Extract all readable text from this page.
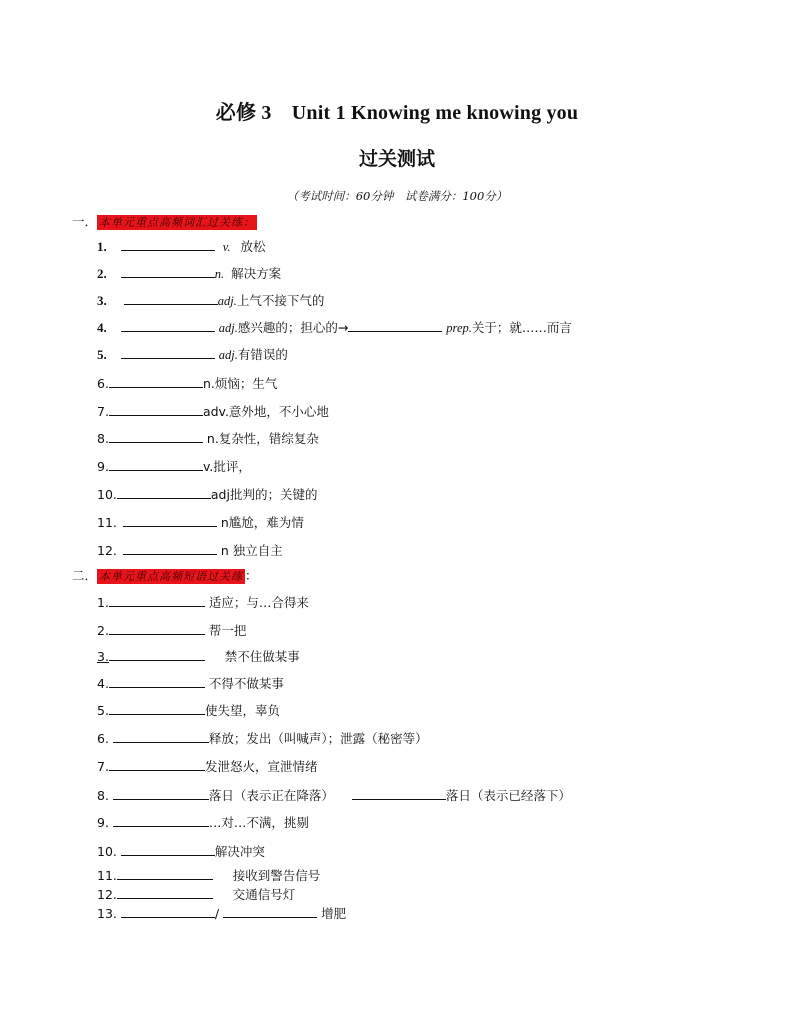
必修 3　Unit 1 Knowing me knowing you
过关测试
（考试时间：60分钟　试卷满分：100分）
一． 本单元重点高频词汇过关练：
1.	v. 放松
2.	n. 解决方案
3.	adj.上气不接下气的
4.	adj.感兴趣的；担心的→	prep.关于；就……而言
5.	adj.有错误的
6.	n.烦恼；生气
7.	adv.意外地，不小心地
8.	n.复杂性，错综复杂
9.	v.批评，
10.	adj批判的；关键的
11.	n尴尬，难为情
12.	n 独立自主
二． 本单元重点高频短语过关练 ：
1.	适应；与…合得来
2.	帮一把
3.	禁不住做某事
4.	不得不做某事
5.	使失望，辜负
6.	释放；发出（叫喊声）；泄露（秘密等）
7.	发泄怒火，宣泄情绪
8.	落日（表示正在降落）	落日（表示已经落下）
9.	…对…不满，挑剔
10.	解决冲突
11.	接收到警告信号
12.	交通信号灯
13.	/	增肥
